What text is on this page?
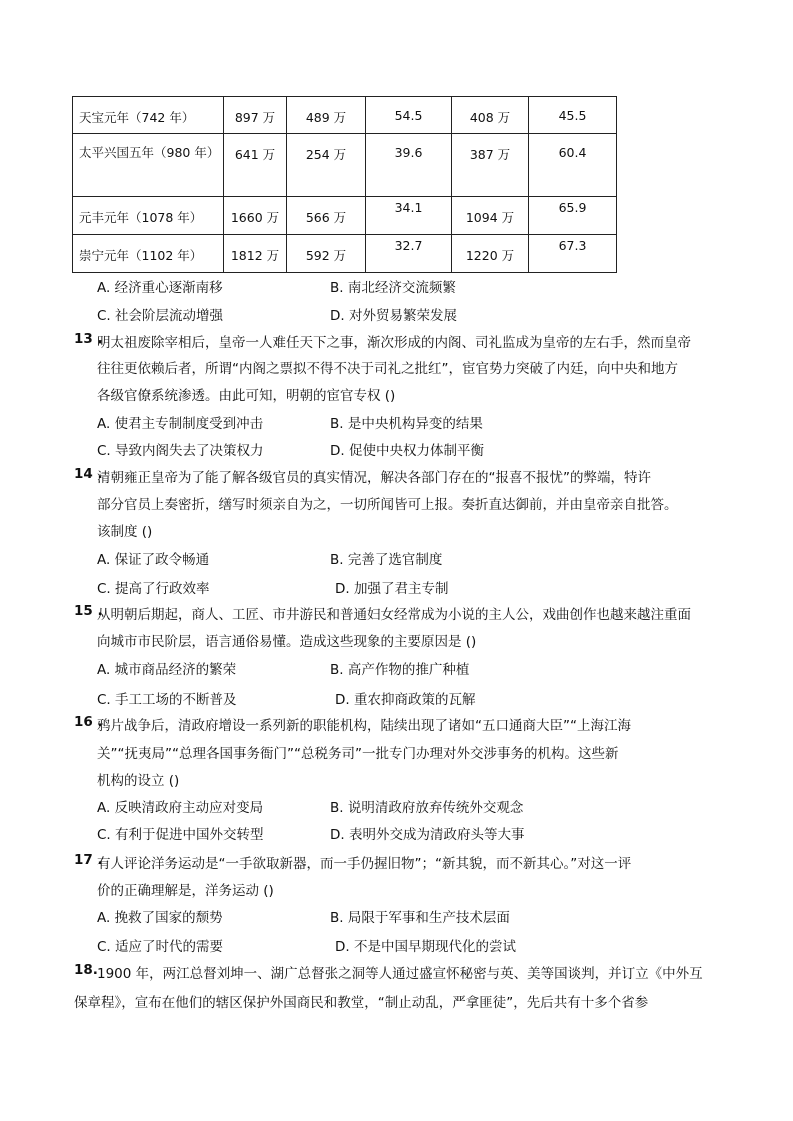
天宝元年（742 年）	897 万	489 万	54.5	408 万	45.5

太平兴国五年（980 年）	641 万	254 万	39.6	387 万	60.4

元丰元年（1078 年）	1660 万	566 万	34.1	1094 万	65.9

崇宁元年（1102 年）	1812 万	592 万	32.7	1220 万	67.3
A. 经济重心逐渐南移	B. 南北经济交流频繁
C. 社会阶层流动增强	D. 对外贸易繁荣发展
13 .
明太祖废除宰相后，皇帝一人难任天下之事，渐次形成的内阁、司礼监成为皇帝的左右手，然而皇帝
往往更依赖后者，所谓“内阁之票拟不得不决于司礼之批红”，宦官势力突破了内廷，向中央和地方
各级官僚系统渗透。由此可知，明朝的宦官专权 ()
A. 使君主专制制度受到冲击	B. 是中央机构异变的结果
C. 导致内阁失去了决策权力	D. 促使中央权力体制平衡
14 .
清朝雍正皇帝为了能了解各级官员的真实情况，解决各部门存在的“报喜不报忧”的弊端，特许
部分官员上奏密折，缮写时须亲自为之，一切所闻皆可上报。奏折直达御前，并由皇帝亲自批答。
该制度 ()
A. 保证了政令畅通	B. 完善了选官制度
C. 提高了行政效率	D. 加强了君主专制
15 .
从明朝后期起，商人、工匠、市井游民和普通妇女经常成为小说的主人公，戏曲创作也越来越注重面
向城市市民阶层，语言通俗易懂。造成这些现象的主要原因是 ()
A. 城市商品经济的繁荣	B. 高产作物的推广种植
C. 手工工场的不断普及	D. 重农抑商政策的瓦解
16 .
鸦片战争后，清政府增设一系列新的职能机构，陆续出现了诸如“五口通商大臣”“上海江海
关”“抚夷局”“总理各国事务衙门”“总税务司”一批专门办理对外交涉事务的机构。这些新
机构的设立 ()
A. 反映清政府主动应对变局	B. 说明清政府放弃传统外交观念
C. 有利于促进中国外交转型	D. 表明外交成为清政府头等大事
17 .
有人评论洋务运动是“一手欲取新器，而一手仍握旧物”；“新其貌，而不新其心。”对这一评
价的正确理解是，洋务运动 ()
A. 挽救了国家的颓势	B. 局限于军事和生产技术层面
C. 适应了时代的需要	D. 不是中国早期现代化的尝试
18. 1900 年，两江总督刘坤一、湖广总督张之洞等人通过盛宣怀秘密与英、美等国谈判，并订立《中外互
保章程》，宣布在他们的辖区保护外国商民和教堂，“制止动乱，严拿匪徒”，先后共有十多个省参
